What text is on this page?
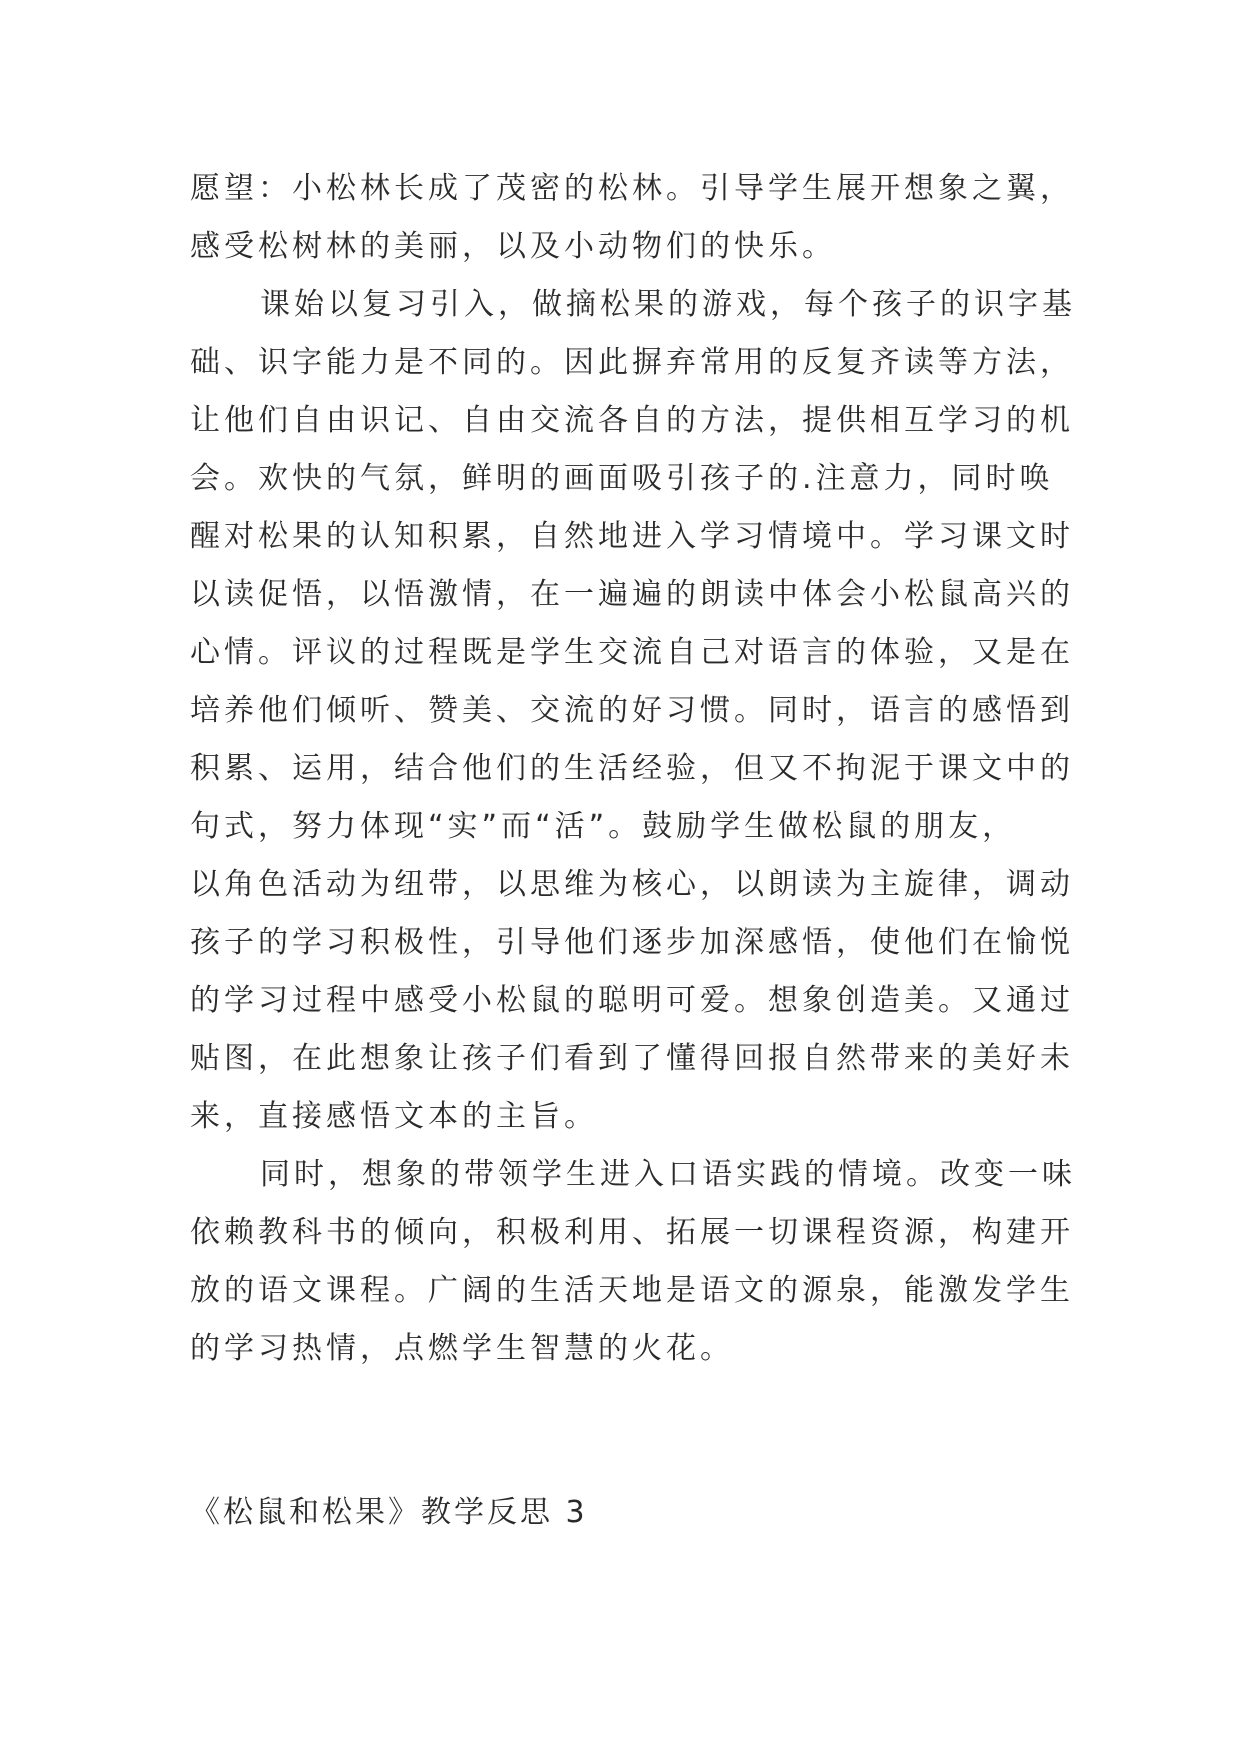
愿望：小松林长成了茂密的松林。引导学生展开想象之翼，
感受松树林的美丽，以及小动物们的快乐。
课始以复习引入，做摘松果的游戏，每个孩子的识字基
础、识字能力是不同的。因此摒弃常用的反复齐读等方法，
让他们自由识记、自由交流各自的方法，提供相互学习的机
会。欢快的气氛，鲜明的画面吸引孩子的.注意力，同时唤
醒对松果的认知积累，自然地进入学习情境中。学习课文时
以读促悟，以悟激情，在一遍遍的朗读中体会小松鼠高兴的
心情。评议的过程既是学生交流自己对语言的体验，又是在
培养他们倾听、赞美、交流的好习惯。同时，语言的感悟到
积累、运用，结合他们的生活经验，但又不拘泥于课文中的
句式，努力体现“实”而“活”。鼓励学生做松鼠的朋友，
以角色活动为纽带，以思维为核心，以朗读为主旋律，调动
孩子的学习积极性，引导他们逐步加深感悟，使他们在愉悦
的学习过程中感受小松鼠的聪明可爱。想象创造美。又通过
贴图，在此想象让孩子们看到了懂得回报自然带来的美好未
来，直接感悟文本的主旨。
同时，想象的带领学生进入口语实践的情境。改变一味
依赖教科书的倾向，积极利用、拓展一切课程资源，构建开
放的语文课程。广阔的生活天地是语文的源泉，能激发学生
的学习热情，点燃学生智慧的火花。
《松鼠和松果》教学反思 3
